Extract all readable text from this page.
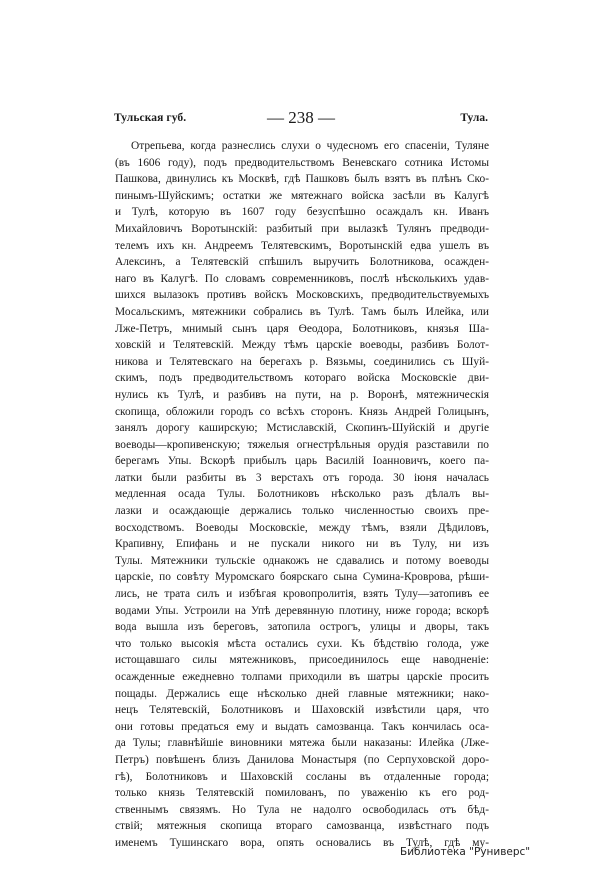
Тульская губ.	— 238 —	Тула.
Отрепьева, когда разнеслись слухи о чудесномъ его спасеніи, Туляне
(въ 1606 году), подъ предводительствомъ Веневскаго сотника Истомы
Пашкова, двинулись къ Москвѣ, гдѣ Пашковъ былъ взятъ въ плѣнъ Ско-
пинымъ-Шуйскимъ; остатки же мятежнаго войска засѣли въ Калугѣ
и Тулѣ, которую въ 1607 году безуспѣшно осаждалъ кн. Иванъ
Михайловичъ Воротынскій: разбитый при вылазкѣ Тулянъ предводи-
телемъ ихъ кн. Андреемъ Телятевскимъ, Воротынскій едва ушелъ въ
Алексинъ, а Телятевскій спѣшилъ выручить Болотникова, осажден-
наго въ Калугѣ. По словамъ современниковъ, послѣ нѣсколькихъ удав-
шихся вылазокъ противъ войскъ Московскихъ, предводительствуемыхъ
Мосальскимъ, мятежники собрались въ Тулѣ. Тамъ былъ Илейка, или
Лже-Петръ, мнимый сынъ царя Өеодора, Болотниковъ, князья Ша-
ховскій и Телятевскій. Между тѣмъ царскіе воеводы, разбивъ Болот-
никова и Телятевскаго на берегахъ р. Вязьмы, соединились съ Шуй-
скимъ, подъ предводительствомъ котораго войска Московскіе дви-
нулись къ Тулѣ, и разбивъ на пути, на р. Воронѣ, мятежническія
скопища, обложили городъ со всѣхъ сторонъ. Князь Андрей Голицынъ,
занялъ дорогу каширскую; Мстиславскій, Скопинъ-Шуйскій и другіе
воеводы—кропивенскую; тяжелыя огнестрѣльныя орудія разставили по
берегамъ Упы. Вскорѣ прибылъ царь Василій Іоанновичъ, коего па-
латки были разбиты въ 3 верстахъ отъ города. 30 іюня началась
медленная осада Тулы. Болотниковъ нѣсколько разъ дѣлалъ вы-
лазки и осаждающіе держались только численностью своихъ пре-
восходствомъ. Воеводы Московскіе, между тѣмъ, взяли Дѣдиловъ,
Крапивну, Епифань и не пускали никого ни въ Тулу, ни изъ
Тулы. Мятежники тульскіе однакожъ не сдавались и потому воеводы
царскіе, по совѣту Муромскаго боярскаго сына Сумина-Кроврова, рѣши-
лись, не трата силъ и избѣгая кровопролитія, взять Тулу—затопивъ ее
водами Упы. Устроили на Упѣ деревянную плотину, ниже города; вскорѣ
вода вышла изъ береговъ, затопила острогъ, улицы и дворы, такъ
что только высокія мѣста остались сухи. Къ бѣдствію голода, уже
истощавшаго силы мятежниковъ, присоединилось еще наводненіе:
осажденные ежедневно толпами приходили въ шатры царскіе просить
пощады. Держались еще нѣсколько дней главные мятежники; нако-
нецъ Телятевскій, Болотниковъ и Шаховскій извѣстили царя, что
они готовы предаться ему и выдать самозванца. Такъ кончилась оса-
да Тулы; главнѣйшіе виновники мятежа были наказаны: Илейка (Лже-
Петръ) повѣшенъ близъ Данилова Монастыря (по Серпуховской доро-
гѣ), Болотниковъ и Шаховскій сосланы въ отдаленные города;
только князь Телятевскій помилованъ, по уваженію къ его род-
ственнымъ связямъ. Но Тула не надолго освободилась отъ бѣд-
ствій; мятежныя скопища втораго самозванца, извѣстнаго подъ
именемъ Тушинскаго вора, опять основались въ Тулѣ, гдѣ му-
Библиотека "Руниверс"
